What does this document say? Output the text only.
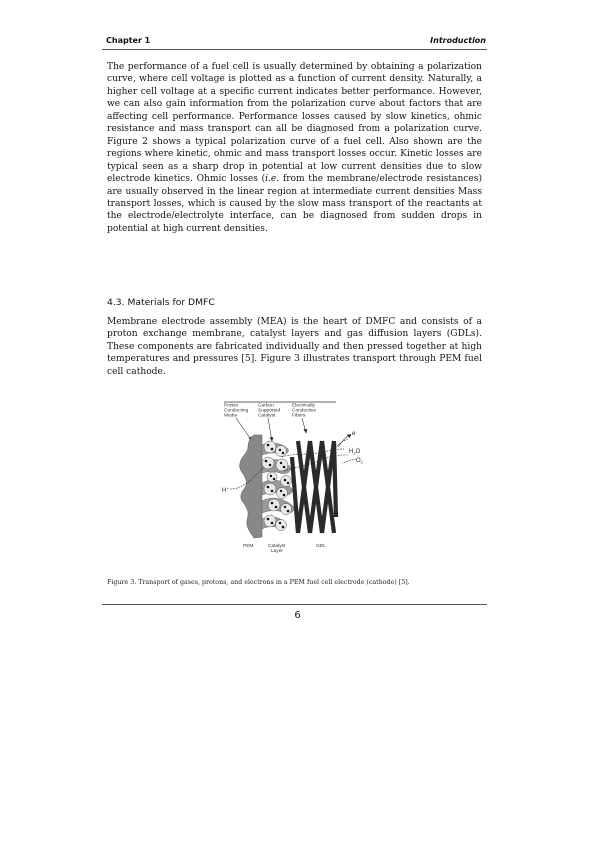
Chapter 1	Introduction
The performance of a fuel cell is usually determined by obtaining a polarization curve, where cell voltage is plotted as a function of current density. Naturally, a higher cell voltage at a specific current indicates better performance. However, we can also gain information from the polarization curve about factors that are affecting cell performance. Performance losses caused by slow kinetics, ohmic resistance and mass transport can all be diagnosed from a polarization curve. Figure 2 shows a typical polarization curve of a fuel cell. Also shown are the regions where kinetic, ohmic and mass transport losses occur. Kinetic losses are typical seen as a sharp drop in potential at low current densities due to slow electrode kinetics. Ohmic losses (i.e. from the membrane/electrode resistances) are usually observed in the linear region at intermediate current densities Mass transport losses, which is caused by the slow mass transport of the reactants at the electrode/electrolyte interface, can be diagnosed from sudden drops in potential at high current densities.
4.3. Materials for DMFC
Membrane electrode assembly (MEA) is the heart of DMFC and consists of a proton exchange membrane, catalyst layers and gas diffusion layers (GDLs). These components are fabricated individually and then pressed together at high temperatures and pressures [5]. Figure 3 illustrates transport through PEM fuel cell cathode.
Proton
Conducting
Media
Carbon
Supported
Catalyst
Electrically
Conductive
Fibers
e-
$H_2O$
$O_2$
H+
PEM	Catalyst
Layer
GDL
Figure 3. Transport of gases, protons, and electrons in a PEM fuel cell electrode (cathode) [5].
6
